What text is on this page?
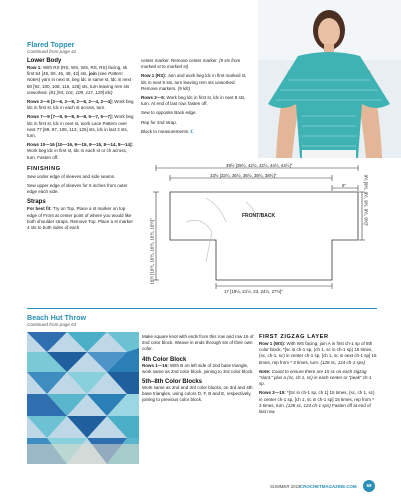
Flared Topper
Continued from page 42
Lower Body
Row 1: With RS (RS, WS, WS, RS, RS) facing, sk first 54 [48, 50, 46, 48, 42] sts, join (see Pattern Notes) yarn in next st, beg ldc in same st, ldc in next 80 [92, 100, 108, 116, 128] sts, turn leaving rem sts unworked. (81 [93, 101, 109, 117, 129] ldc)
Rows 2—6 [2—6, 2—5, 2—5, 2—4, 2—4]: Work beg ldc in first st, ldc in each st across, turn.
Rows 7—9 [7—9, 6—8, 6—8, 5—7, 5—7]: Work beg ldc in first st, ldc in next st, work Lace Pattern over next 77 [89, 97, 105, 113, 125] sts, ldc in last 2 sts, turn.
Rows 10—16 [10—16, 9—15, 9—15, 8—14, 8—14]: Work beg ldc in first st, ldc in each st or ch across, turn. Fasten off.
FINISHING
Sew under edge of sleeves and side seams.
Sew upper edge of sleeves for 6 inches from outer edge each side.
Straps
For best fit: Try on Top. Place a st marker on top edge of Front at center point of where you would like both shoulder straps. Remove Top. Place a st marker 4 sts to both sides of each
center marker. Remove center marker. (9 sts from marked st to marked st)
Row 1 (RS): Join and work beg ldc in first marked st, ldc in next 8 sts, turn leaving rem sts unworked. Remove markers. (9 ldc)
Rows 2—5: Work beg ldc in first st, ldc in next 8 sts, turn. At end of last row, fasten off.
Sew to opposite Back edge.
Rep for 2nd strap.
Block to measurements. ℂ
39½ [39½, 42½, 42½, 44½, 44½]"
33½ [33½, 36½, 36½, 38½, 38½]"
6"
FRONT/BACK
17 [19½, 21½, 23, 24½, 27½]"
16½ [16½, 16½, 16½, 16½, 16½]"
9½ [9½, 9½, 9½, 9½, 9½]"
Beach Hut Throw
Continued from page 63
Make square knot with ends from this row and row 16 of 2nd color block. Weave in ends through sts of their own color.
4th Color Block
Rows 1—16: With B on left side of 2nd base triangle, work same as 2nd color block, joining to 3rd color block.
5th–8th Color Blocks
Work same as 2nd and 3rd color blocks, on 3rd and 4th base triangles, using colors D, F, B and E, respectively, joining to previous color block.
FIRST ZIGZAG LAYER
Row 1 (WS): With WS facing, join A in first ch-1 sp of 8th color block, *[sc in ch-1 sp, (ch 1, sc in ch-1 sp) 15 times, (sc, ch-1, sc) in center ch-1 sp, [ch 1, sc in next ch-1 sp] 15 times, rep from * 3 times, turn. (128 sc, 124 ch-1 sps)
Note: Count to ensure there are 15 sc on each zigzag “slant,” plus a (sc, ch 1, sc) in each center or “peak” ch-1 sp.
Rows 2—15: *[Sc in ch-1 sp, ch 1] 15 times, (sc, ch 1, sc) in center ch-1 sp, [ch 1, sc in ch-1 sp] 15 times, rep from * 3 times, turn. (128 sc, 124 ch-1 sps) Fasten off at end of last row.
SUMMER 2019 CROCHETMAGAZINE.COM	69
